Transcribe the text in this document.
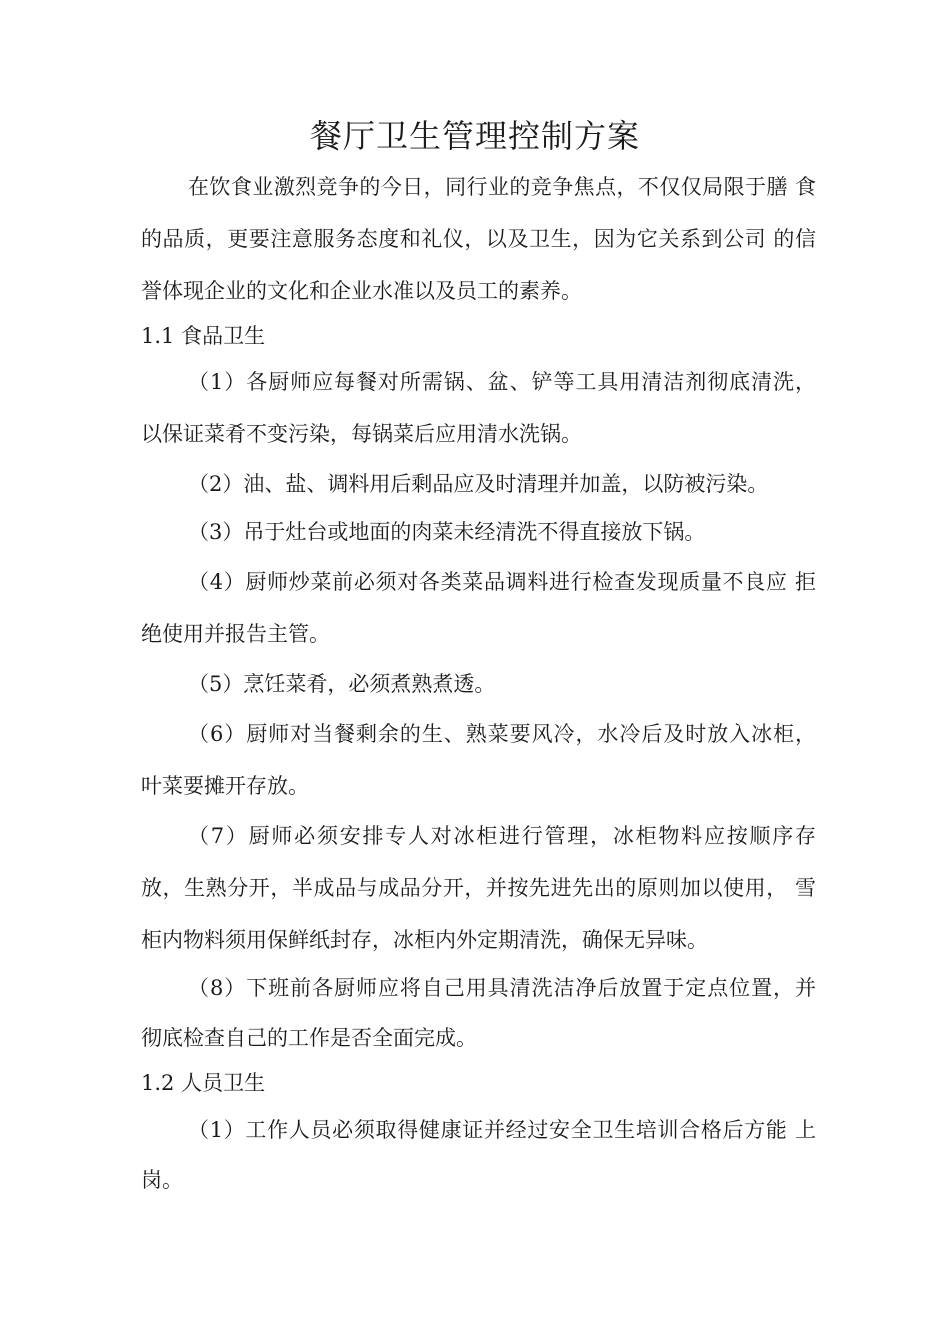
餐厅卫生管理控制方案
在饮食业激烈竞争的今日，同行业的竞争焦点，不仅仅局限于膳 食
的品质，更要注意服务态度和礼仪，以及卫生，因为它关系到公司 的信
誉体现企业的文化和企业水准以及员工的素养。
1.1 食品卫生
（1）各厨师应每餐对所需锅、盆、铲等工具用清洁剂彻底清洗，
以保证菜肴不变污染，每锅菜后应用清水洗锅。
（2）油、盐、调料用后剩品应及时清理并加盖，以防被污染。
（3）吊于灶台或地面的肉菜未经清洗不得直接放下锅。
（4）厨师炒菜前必须对各类菜品调料进行检查发现质量不良应 拒
绝使用并报告主管。
（5）烹饪菜肴，必须煮熟煮透。
（6）厨师对当餐剩余的生、熟菜要风冷，水冷后及时放入冰柜，
叶菜要摊开存放。
（7）厨师必须安排专人对冰柜进行管理，冰柜物料应按顺序存
放，生熟分开，半成品与成品分开，并按先进先出的原则加以使用， 雪
柜内物料须用保鲜纸封存，冰柜内外定期清洗，确保无异味。
（8）下班前各厨师应将自己用具清洗洁净后放置于定点位置，并
彻底检查自己的工作是否全面完成。
1.2 人员卫生
（1）工作人员必须取得健康证并经过安全卫生培训合格后方能 上
岗。
